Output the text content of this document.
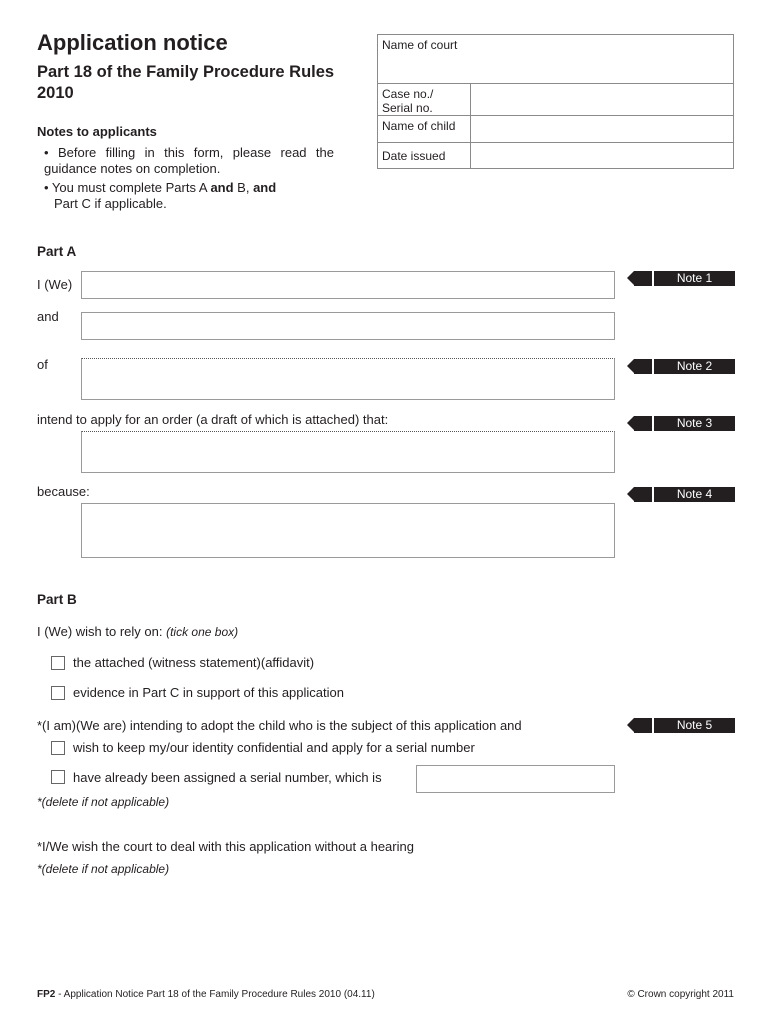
Application notice
Part 18 of the Family Procedure Rules 2010
Notes to applicants
• Before filling in this form, please read the guidance notes on completion.
• You must complete Parts A and B, and
Part C if applicable.
Name of court	
Case no./
Serial no.	
Name of child	
Date issued	
Part A
I (We)	Note 1
and
of	Note 2
intend to apply for an order (a draft of which is attached) that:	Note 3
because:	Note 4
Part B
I (We) wish to rely on: (tick one box)
the attached (witness statement)(affidavit)
evidence in Part C in support of this application
*(I am)(We are) intending to adopt the child who is the subject of this application and	Note 5
wish to keep my/our identity confidential and apply for a serial number
have already been assigned a serial number, which is
*(delete if not applicable)
*I/We wish the court to deal with this application without a hearing
*(delete if not applicable)
FP2 - Application Notice Part 18 of the Family Procedure Rules 2010 (04.11)	© Crown copyright 2011
